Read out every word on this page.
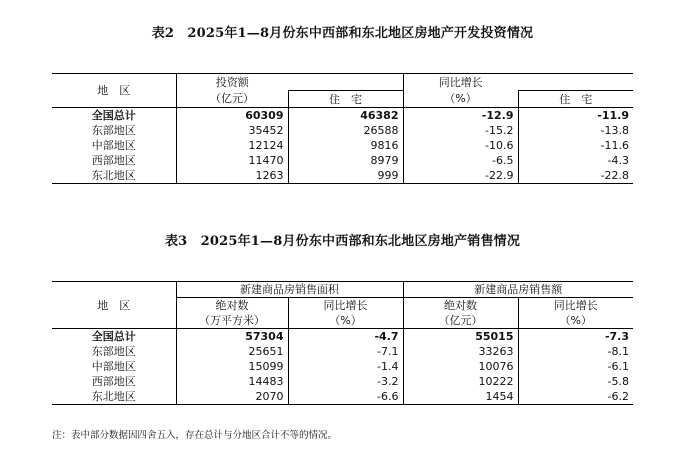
表2　2025年1—8月份东中西部和东北地区房地产开发投资情况
地　区	投资额		同比增长	
	（亿元）	住　宅	（%）	住　宅
全国总计	60309	46382	-12.9	-11.9
东部地区	35452	26588	-15.2	-13.8
中部地区	12124	9816	-10.6	-11.6
西部地区	11470	8979	-6.5	-4.3
东北地区	1263	999	-22.9	-22.8
表3　2025年1—8月份东中西部和东北地区房地产销售情况
地　区	新建商品房销售面积		新建商品房销售额	
	绝对数	同比增长	绝对数	同比增长
	（万平方米）	（%）	（亿元）	（%）
全国总计	57304	-4.7	55015	-7.3
东部地区	25651	-7.1	33263	-8.1
中部地区	15099	-1.4	10076	-6.1
西部地区	14483	-3.2	10222	-5.8
东北地区	2070	-6.6	1454	-6.2
注：表中部分数据因四舍五入，存在总计与分地区合计不等的情况。
